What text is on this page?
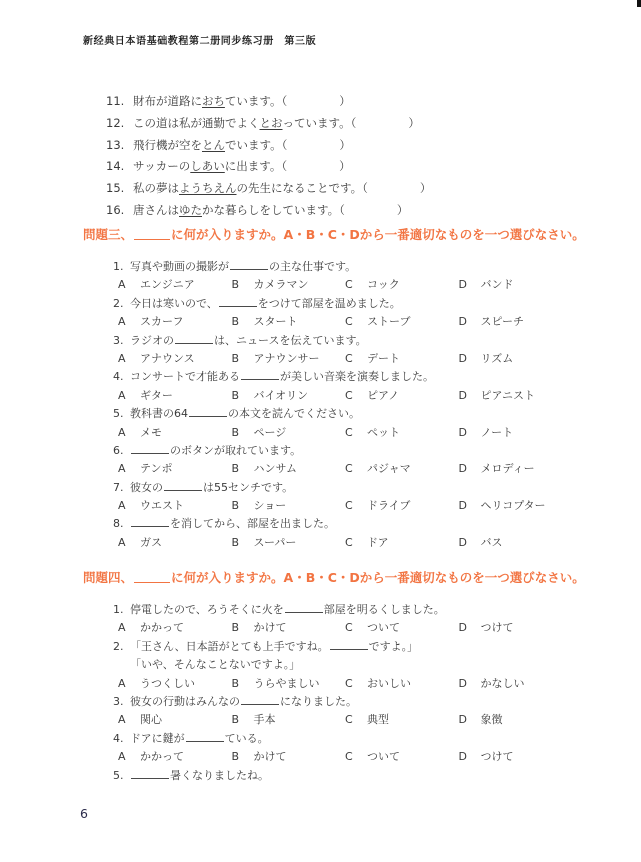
新经典日本语基础教程第二册同步练习册　第三版
11. 財布が道路におちています。（	）
12. この道は私が通勤でよくとおっています。（	）
13. 飛行機が空をとんでいます。（	）
14. サッカーのしあいに出ます。（	）
15. 私の夢はようちえんの先生になることです。（	）
16. 唐さんはゆたかな暮らしをしています。（	）
問題三、	に何が入りますか。A・B・C・Dから一番適切なものを一つ選びなさい。
1. 写真や動画の撮影が	の主な仕事です。
A	エンジニア	B	カメラマン	C	コック	D	バンド
2. 今日は寒いので、	をつけて部屋を温めました。
A	スカーフ	B	スタート	C	ストーブ	D	スピーチ
3. ラジオの	は、ニュースを伝えています。
A	アナウンス	B	アナウンサー C	デート	D	リズム
4. コンサートで才能ある	が美しい音楽を演奏しました。
A	ギター	B	バイオリン	C	ピアノ	D	ピアニスト
5. 教科書の64	の本文を読んでください。
A	メモ	B	ページ	C	ペット	D	ノート
6.	のボタンが取れています。
A	テンポ	B	ハンサム	C	パジャマ	D	メロディー
7. 彼女の	は55センチです。
A	ウエスト	B	ショー	C	ドライブ	D	ヘリコプター
8.	を消してから、部屋を出ました。
A	ガス	B	スーパー	C	ドア	D	バス
問題四、	に何が入りますか。A・B・C・Dから一番適切なものを一つ選びなさい。
1. 停電したので、ろうそくに火を	部屋を明るくしました。
A	かかって	B	かけて	C	ついて	D	つけて
2. 「王さん、日本語がとても上手ですね。	ですよ。」
「いや、そんなことないですよ。」
A	うつくしい	B	うらやましい C	おいしい	D	かなしい
3. 彼女の行動はみんなの	になりました。
A	関心	B	手本	C	典型	D	象徴
4. ドアに鍵が	ている。
A	かかって	B	かけて	C	ついて	D	つけて
5.	暑くなりましたね。
6
